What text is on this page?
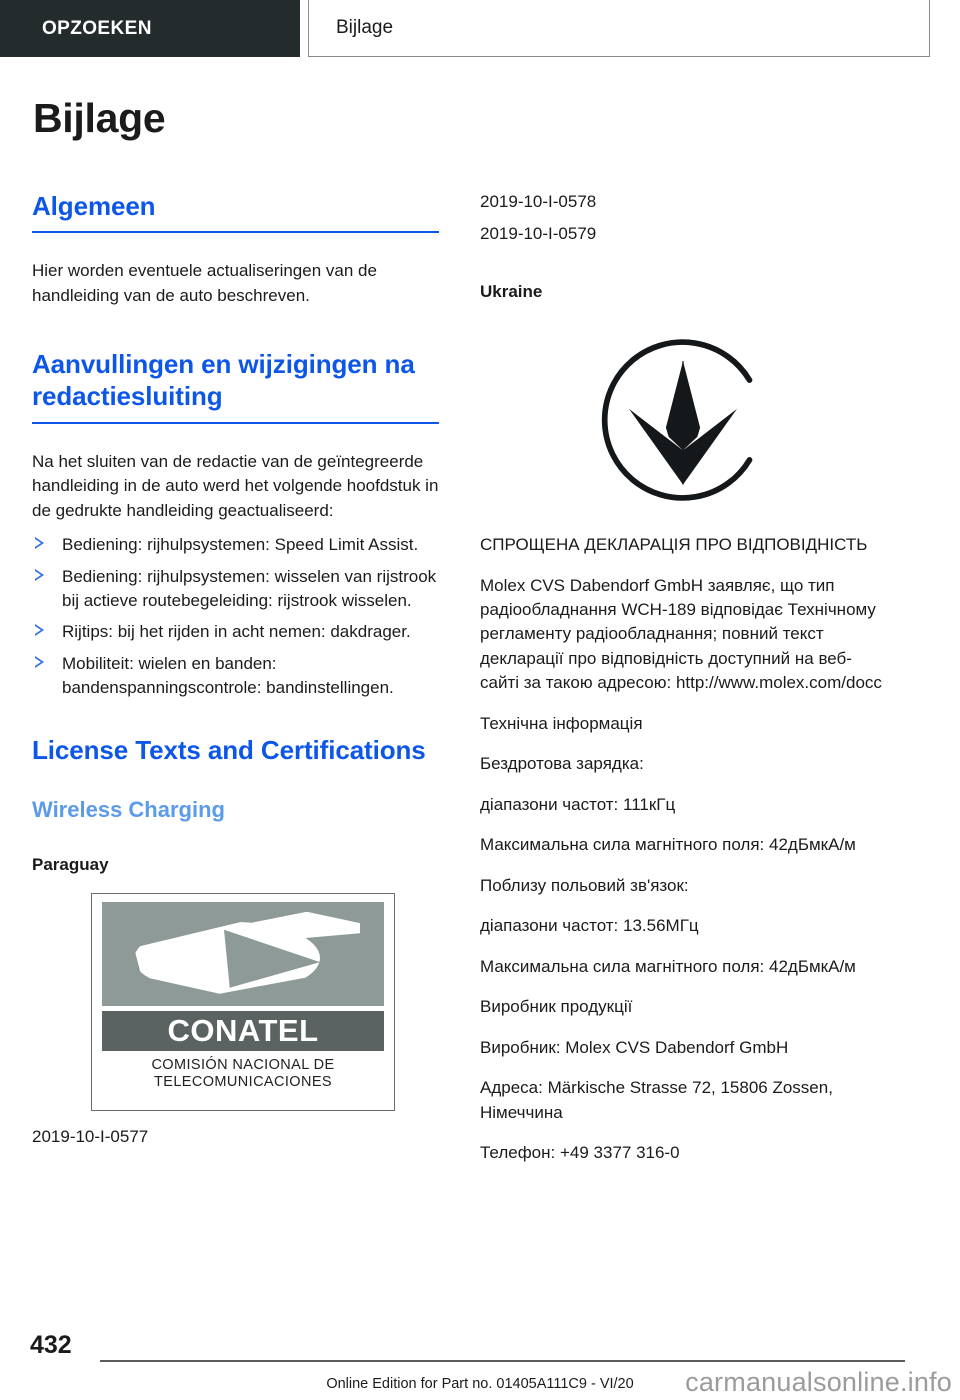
OPZOEKEN	Bijlage
Bijlage
Algemeen

Hier worden eventuele actualiseringen van de handleiding van de auto beschreven.

Aanvullingen en wijzigingen na redactiesluiting

Na het sluiten van de redactie van de geïntegreerde handleiding in de auto werd het volgende hoofdstuk in de gedrukte handleiding geactualiseerd:

Bediening: rijhulpsystemen: Speed Limit Assist.
Bediening: rijhulpsystemen: wisselen van rijstrook bij actieve routebegeleiding: rijstrook wisselen.
Rijtips: bij het rijden in acht nemen: dakdrager.
Mobiliteit: wielen en banden: bandenspanningscontrole: bandinstellingen.
License Texts and Certifications
Wireless Charging
Paraguay
CONATEL
COMISIÓN NACIONAL DE
TELECOMUNICACIONES
2019-10-I-0577
2019-10-I-0578
2019-10-I-0579
Ukraine
СПРОЩЕНА ДЕКЛАРАЦІЯ ПРО ВІДПОВІДНІСТЬ
Molex CVS Dabendorf GmbH заявляє, що тип радіообладнання WCH-189 відповідає Технічному регламенту радіообладнання; повний текст декларації про відповідність доступний на веб-сайті за такою адресою: http://www.molex.com/docc
Технічна інформація
Бездротова зарядка:
діапазони частот: 111кГц
Максимальна сила магнітного поля: 42дБмкА/м
Поблизу польовий зв'язок:
діапазони частот: 13.56МГц
Максимальна сила магнітного поля: 42дБмкА/м
Виробник продукції
Виробник: Molex CVS Dabendorf GmbH
Адреса: Märkische Strasse 72, 15806 Zossen, Німеччина
Телефон: +49 3377 316-0
432
Online Edition for Part no. 01405A111C9 - VI/20	carmanualsonline.info
